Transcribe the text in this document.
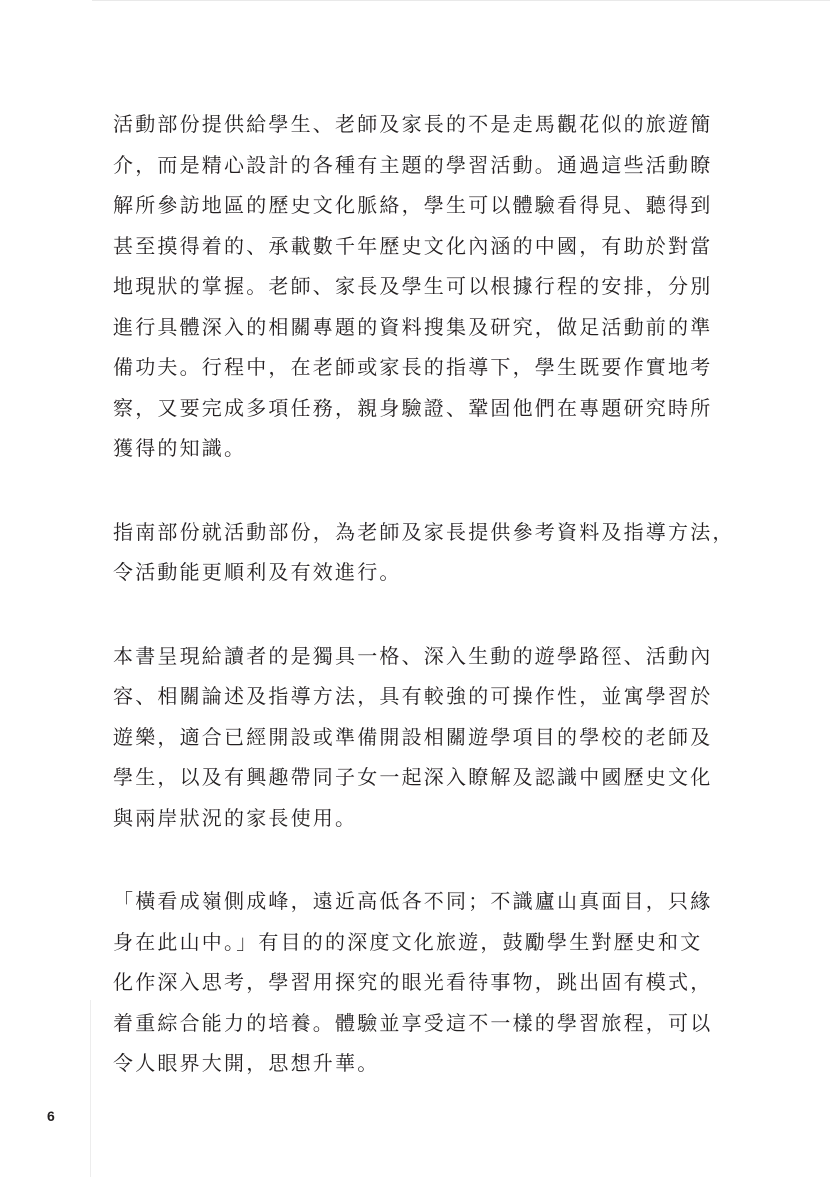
活動部份提供給學生、老師及家長的不是走馬觀花似的旅遊簡
介，而是精心設計的各種有主題的學習活動。通過這些活動瞭
解所參訪地區的歷史文化脈絡，學生可以體驗看得見、聽得到
甚至摸得着的、承載數千年歷史文化內涵的中國，有助於對當
地現狀的掌握。老師、家長及學生可以根據行程的安排，分別
進行具體深入的相關專題的資料搜集及研究，做足活動前的準
備功夫。行程中，在老師或家長的指導下，學生既要作實地考
察，又要完成多項任務，親身驗證、鞏固他們在專題研究時所
獲得的知識。

指南部份就活動部份，為老師及家長提供參考資料及指導方法，
令活動能更順利及有效進行。

本書呈現給讀者的是獨具一格、深入生動的遊學路徑、活動內
容、相關論述及指導方法，具有較強的可操作性，並寓學習於
遊樂，適合已經開設或準備開設相關遊學項目的學校的老師及
學生，以及有興趣帶同子女一起深入瞭解及認識中國歷史文化
與兩岸狀況的家長使用。

「橫看成嶺側成峰，遠近高低各不同；不識廬山真面目，只緣
身在此山中。」有目的的深度文化旅遊，鼓勵學生對歷史和文
化作深入思考，學習用探究的眼光看待事物，跳出固有模式，
着重綜合能力的培養。體驗並享受這不一樣的學習旅程，可以
令人眼界大開，思想升華。

6
